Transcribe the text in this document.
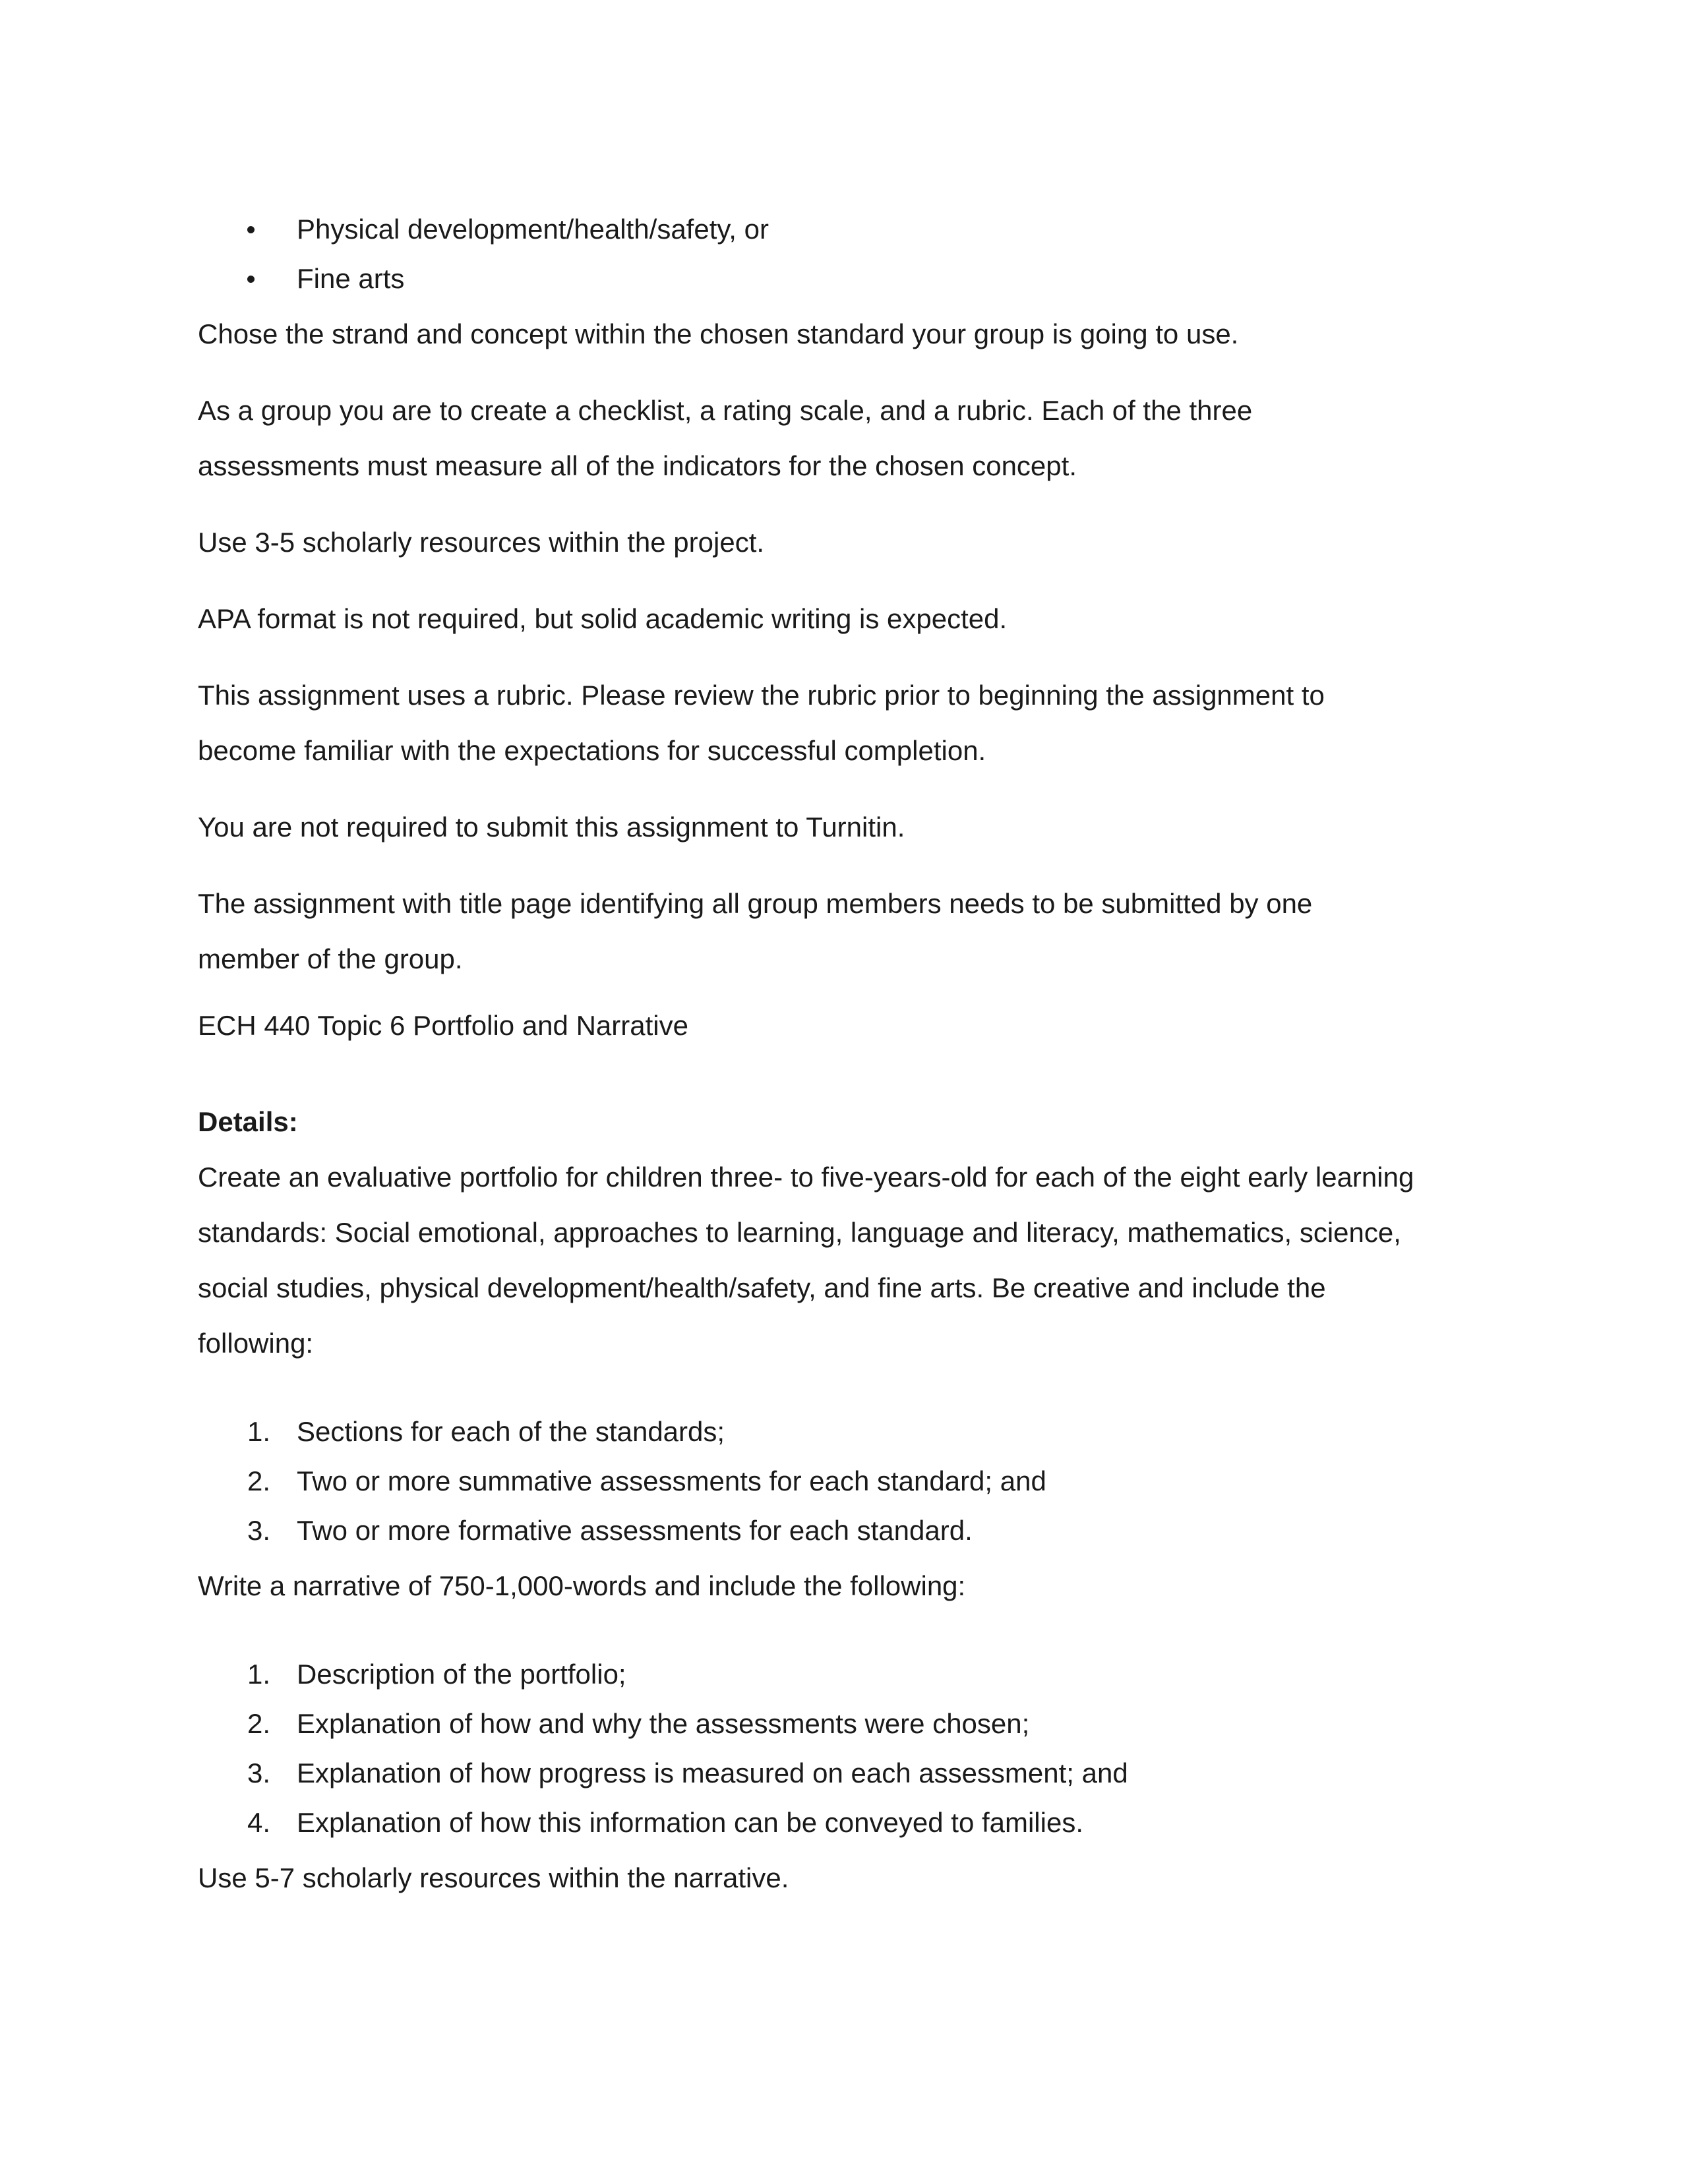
Physical development/health/safety, or
Fine arts

Chose the strand and concept within the chosen standard your group is going to use.

As a group you are to create a checklist, a rating scale, and a rubric. Each of the three

assessments must measure all of the indicators for the chosen concept.

Use 3-5 scholarly resources within the project.

APA format is not required, but solid academic writing is expected.

This assignment uses a rubric. Please review the rubric prior to beginning the assignment to

become familiar with the expectations for successful completion.

You are not required to submit this assignment to Turnitin.

The assignment with title page identifying all group members needs to be submitted by one

member of the group.

ECH 440 Topic 6 Portfolio and Narrative

Details:

Create an evaluative portfolio for children three- to five-years-old for each of the eight early learning

standards: Social emotional, approaches to learning, language and literacy, mathematics, science,

social studies, physical development/health/safety, and fine arts. Be creative and include the

following:

1. Sections for each of the standards;
2. Two or more summative assessments for each standard; and
3. Two or more formative assessments for each standard.

Write a narrative of 750-1,000-words and include the following:

1. Description of the portfolio;
2. Explanation of how and why the assessments were chosen;
3. Explanation of how progress is measured on each assessment; and
4. Explanation of how this information can be conveyed to families.

Use 5-7 scholarly resources within the narrative.
